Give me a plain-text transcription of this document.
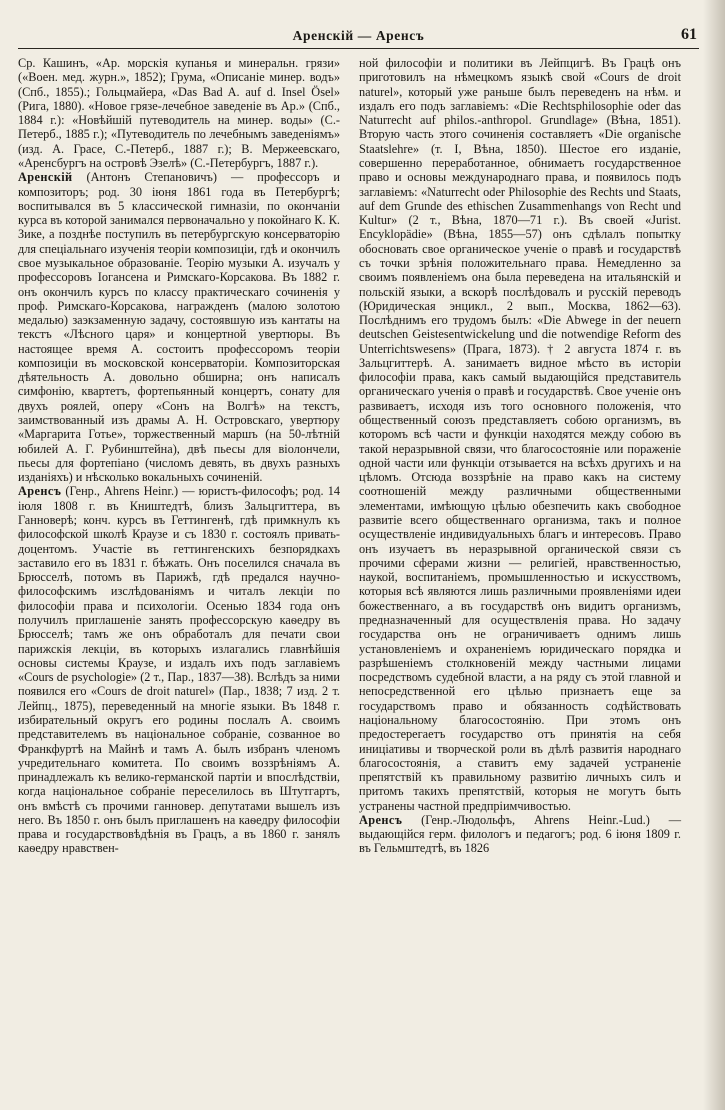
Аренскій — Аренсъ	61

Ср. Кашинъ, «Ар. морскія купанья и минеральн. грязи» («Воен. мед. журн.», 1852); Грума, «Описаніе минер. водъ» (Спб., 1855).; Гольцмайера, «Das Bad A. auf d. Insel Ösel» (Рига, 1880). «Новое грязе-лечебное заведеніе въ Ар.» (Спб., 1884 г.): «Новѣйшій путеводитель на минер. воды» (С.-Петерб., 1885 г.); «Путеводитель по лечебнымъ заведеніямъ» (изд. А. Грасе, С.-Петерб., 1887 г.); В. Мержеевскаго, «Аренсбургъ на островѣ Эзелѣ» (С.-Петербургъ, 1887 г.).

Аренскій (Антонъ Степановичъ) — профессоръ и композиторъ; род. 30 іюня 1861 года въ Петербургѣ; воспитывался въ 5 классической гимназіи, по окончаніи курса въ которой занимался первоначально у покойнаго К. К. Зике, а позднѣе поступилъ въ петербургскую консерваторію для спеціальнаго изученія теоріи композиціи, гдѣ и окончилъ свое музыкальное образованіе. Теорію музыки А. изучалъ у профессоровъ Іогансена и Римскаго-Корсакова. Въ 1882 г. онъ окончилъ курсъ по классу практическаго сочиненія у проф. Римскаго-Корсакова, награжденъ (малою золотою медалью) заэкзаменную задачу, состоявшую изъ кантаты на текстъ «Лѣсного царя» и концертной увертюры. Въ настоящее время А. состоитъ профессоромъ теоріи композиціи въ московской консерваторіи. Композиторская дѣятельность А. довольно обширна; онъ написалъ симфонію, квартетъ, фортепьянный концертъ, сонату для двухъ роялей, оперу «Сонъ на Волгѣ» на текстъ, заимствованный изъ драмы А. Н. Островскаго, увертюру «Маргарита Готье», торжественный маршъ (на 50-лѣтній юбилей А. Г. Рубинштейна), двѣ пьесы для віолончели, пьесы для фортепіано (числомъ девять, въ двухъ разныхъ изданіяхъ) и нѣсколько вокальныхъ сочиненій.

Аренсъ (Генр., Ahrens Heinr.) — юристъ-философъ; род. 14 іюля 1808 г. въ Кништедтѣ, близъ Зальцгиттера, въ Ганноверѣ; конч. курсъ въ Геттингенѣ, гдѣ примкнулъ къ философской школѣ Краузе и съ 1830 г. состоялъ привать-доцентомъ. Участіе въ геттингенскихъ безпорядкахъ заставило его въ 1831 г. бѣжать. Онъ поселился сначала въ Брюсселѣ, потомъ въ Парижѣ, гдѣ предался научно-философскимъ изслѣдованіямъ и читалъ лекціи по философіи права и психологіи. Осенью 1834 года онъ получилъ приглашеніе занять профессорскую каѳедру въ Брюсселѣ; тамъ же онъ обработалъ для печати свои парижскія лекціи, въ которыхъ излагались главнѣйшія основы системы Краузе, и издалъ ихъ подъ заглавіемъ «Cours de psychologie» (2 т., Пар., 1837—38). Вслѣдъ за ними появился его «Cours de droit naturel» (Пар., 1838; 7 изд. 2 т. Лейпц., 1875), переведенный на многіе языки. Въ 1848 г. избирательный округъ его родины послалъ А. своимъ представителемъ въ національное собраніе, созванное во Франкфуртѣ на Майнѣ и тамъ А. былъ избранъ членомъ учредительнаго комитета. По своимъ воззрѣніямъ А. принадлежалъ къ велико-германской партіи и впослѣдствіи, когда національное собраніе переселилось въ Штутгартъ, онъ вмѣстѣ съ прочими ганновер. депутатами вышелъ изъ него. Въ 1850 г. онъ былъ приглашенъ на каѳедру философіи права и государствовѣдѣнія въ Грацъ, а въ 1860 г. занялъ каѳедру нравствен-

ной философіи и политики въ Лейпцигѣ. Въ Грацѣ онъ приготовилъ на нѣмецкомъ языкѣ свой «Cours de droit naturel», который уже раньше былъ переведенъ на нѣм. и издалъ его подъ заглавіемъ: «Die Rechtsphilosophie oder das Naturrecht auf philos.-anthropol. Grundlage» (Вѣна, 1851). Вторую часть этого сочиненія составляетъ «Die organische Staatslehre» (т. I, Вѣна, 1850). Шестое его изданіе, совершенно переработанное, обнимаетъ государственное право и основы международнаго права, и появилось подъ заглавіемъ: «Naturrecht oder Philosophie des Rechts und Staats, auf dem Grunde des ethischen Zusammenhangs von Recht und Kultur» (2 т., Вѣна, 1870—71 г.). Въ своей «Jurist. Encyklopädie» (Вѣна, 1855—57) онъ сдѣлалъ попытку обосновать свое органическое ученіе о правѣ и государствѣ съ точки зрѣнія положительнаго права. Немедленно за своимъ появленіемъ она была переведена на итальянскій и польскій языки, а вскорѣ послѣдовалъ и русскій переводъ (Юридическая энцикл., 2 вып., Москва, 1862—63). Послѣднимъ его трудомъ былъ: «Die Abwege in der neuern deutschen Geistesentwickelung und die notwendige Reform des Unterrichtswesens» (Прага, 1873). † 2 августа 1874 г. въ Зальцгиттерѣ. А. занимаетъ видное мѣсто въ исторіи философіи права, какъ самый выдающійся представитель органическаго ученія о правѣ и государствѣ. Свое ученіе онъ развиваетъ, исходя изъ того основного положенія, что общественный союзъ представляетъ собою организмъ, въ которомъ всѣ части и функціи находятся между собою въ такой неразрывной связи, что благосостояніе или пораженіе одной части или функціи отзывается на всѣхъ другихъ и на цѣломъ. Отсюда воззрѣніе на право какъ на систему соотношеній между различными общественными элементами, имѣющую цѣлью обезпечить какъ свободное развитіе всего общественнаго организма, такъ и полное осуществленіе индивидуальныхъ благъ и интересовъ. Право онъ изучаетъ въ неразрывной органической связи съ прочими сферами жизни — религіей, нравственностью, наукой, воспитаніемъ, промышленностью и искусствомъ, которыя всѣ являются лишь различными проявленіями идеи божественнаго, а въ государствѣ онъ видитъ организмъ, предназначенный для осуществленія права. Но задачу государства онъ не ограничиваетъ однимъ лишь установленіемъ и охраненіемъ юридическаго порядка и разрѣшеніемъ столкновеній между частными лицами посредствомъ судебной власти, а на ряду съ этой главной и непосредственной его цѣлью признаетъ еще за государствомъ право и обязанность содѣйствовать національному благосостоянію. При этомъ онъ предостерегаетъ государство отъ принятія на себя иниціативы и творческой роли въ дѣлѣ развитія народнаго благосостоянія, а ставитъ ему задачей устраненіе препятствій къ правильному развитію личныхъ силъ и притомъ такихъ препятствій, которыя не могутъ быть устранены частной предпріимчивостью.

Аренсъ (Генр.-Людольфъ, Ahrens Heinr.-Lud.) — выдающійся герм. филологъ и педагогъ; род. 6 іюня 1809 г. въ Гельмштедтѣ, въ 1826
